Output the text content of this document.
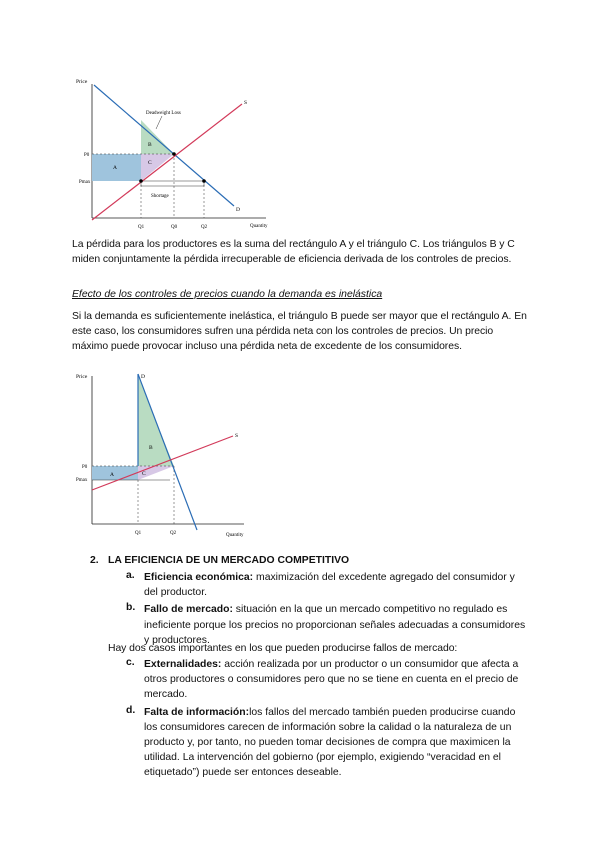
Price
Quantity
S
D
P0
Pmax
Deadweight Loss
Shortage
A
B
C
Q1	Q0	Q2

La pérdida para los productores es la suma del rectángulo A y el triángulo C. Los triángulos B y C miden conjuntamente la pérdida irrecuperable de eficiencia derivada de los controles de precios.

Efecto de los controles de precios cuando la demanda es inelástica

Si la demanda es suficientemente inelástica, el triángulo B puede ser mayor que el rectángulo A. En este caso, los consumidores sufren una pérdida neta con los controles de precios. Un precio máximo puede provocar incluso una pérdida neta de excedente de los consumidores.

Price
Quantity
S
D
P0
Pmax
A
B
C
Q1	Q2
2. LA EFICIENCIA DE UN MERCADO COMPETITIVO
a. Eficiencia económica: maximización del excedente agregado del consumidor y del productor.
b. Fallo de mercado: situación en la que un mercado competitivo no regulado es ineficiente porque los precios no proporcionan señales adecuadas a consumidores y productores.

Hay dos casos importantes en los que pueden producirse fallos de mercado:

c. Externalidades: acción realizada por un productor o un consumidor que afecta a otros productores o consumidores pero que no se tiene en cuenta en el precio de mercado.
d. Falta de información:los fallos del mercado también pueden producirse cuando los consumidores carecen de información sobre la calidad o la naturaleza de un producto y, por tanto, no pueden tomar decisiones de compra que maximicen la utilidad. La intervención del gobierno (por ejemplo, exigiendo “veracidad en el etiquetado”) puede ser entonces deseable.
